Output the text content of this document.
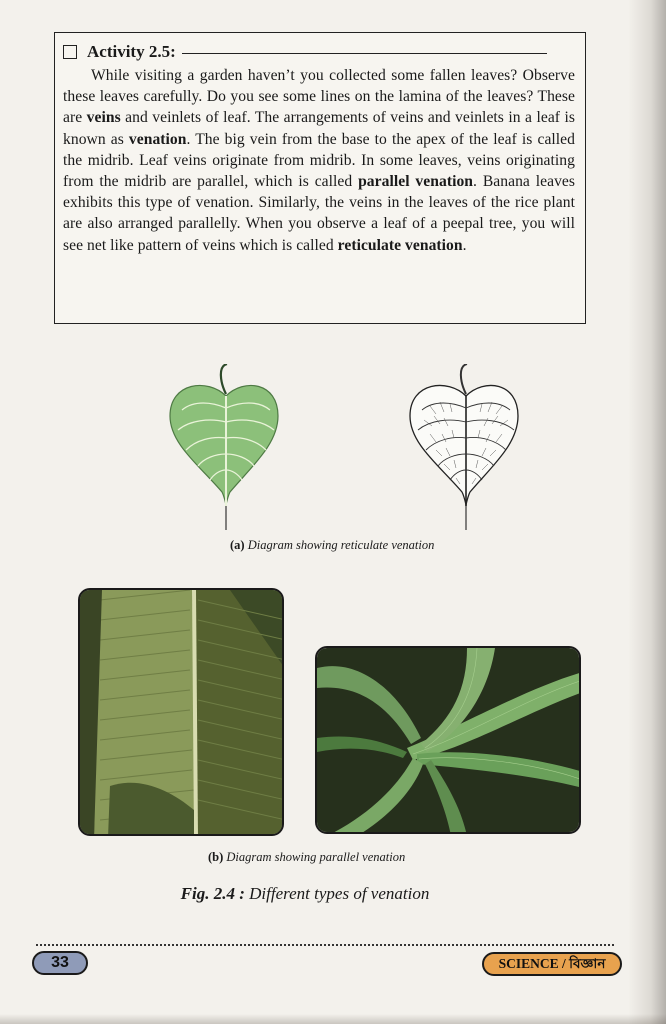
Activity 2.5:

While visiting a garden haven’t you collected some fallen leaves? Observe these leaves carefully. Do you see some lines on the lamina of the leaves? These are veins and veinlets of leaf. The arrangements of veins and veinlets in a leaf is known as venation. The big vein from the base to the apex of the leaf is called the midrib. Leaf veins originate from midrib. In some leaves, veins originating from the midrib are parallel, which is called parallel venation. Banana leaves exhibits this type of venation. Similarly, the veins in the leaves of the rice plant are also arranged parallelly. When you observe a leaf of a peepal tree, you will see net like pattern of veins which is called reticulate venation.

(a) Diagram showing reticulate venation
(b) Diagram showing parallel venation
Fig. 2.4 : Different types of venation
33	SCIENCE / বিজ্ঞান
